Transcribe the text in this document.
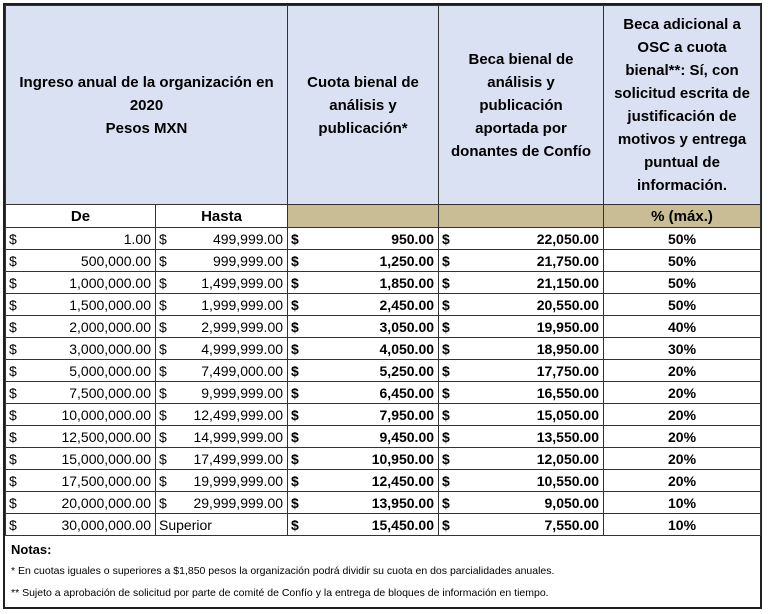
Ingreso anual de la organización en
2020
Pesos MXN		Cuota bienal de análisis y publicación*	Beca bienal de análisis y publicación aportada por donantes de Confío	Beca adicional a OSC a cuota bienal**: Sí, con solicitud escrita de justificación de motivos y entrega puntual de información.
De	Hasta			% (máx.)

$ 1.00	$ 499,999.00	$ 950.00	$ 22,050.00	50%

$ 500,000.00	$ 999,999.00	$ 1,250.00	$ 21,750.00	50%

$ 1,000,000.00	$ 1,499,999.00	$ 1,850.00	$ 21,150.00	50%

$ 1,500,000.00	$ 1,999,999.00	$ 2,450.00	$ 20,550.00	50%

$ 2,000,000.00	$ 2,999,999.00	$ 3,050.00	$ 19,950.00	40%

$ 3,000,000.00	$ 4,999,999.00	$ 4,050.00	$ 18,950.00	30%

$ 5,000,000.00	$ 7,499,000.00	$ 5,250.00	$ 17,750.00	20%

$ 7,500,000.00	$ 9,999,999.00	$ 6,450.00	$ 16,550.00	20%

$ 10,000,000.00	$ 12,499,999.00	$ 7,950.00	$ 15,050.00	20%

$ 12,500,000.00	$ 14,999,999.00	$ 9,450.00	$ 13,550.00	20%

$ 15,000,000.00	$ 17,499,999.00	$ 10,950.00	$ 12,050.00	20%

$ 17,500,000.00	$ 19,999,999.00	$ 12,450.00	$ 10,550.00	20%

$ 20,000,000.00	$ 29,999,999.00	$ 13,950.00	$ 9,050.00	10%

$ 30,000,000.00	Superior	$ 15,450.00	$ 7,550.00	10%
Notas:
* En cuotas iguales o superiores a $1,850 pesos la organización podrá dividir su cuota en dos parcialidades anuales.
** Sujeto a aprobación de solicitud por parte de comité de Confío y la entrega de bloques de información en tiempo.
